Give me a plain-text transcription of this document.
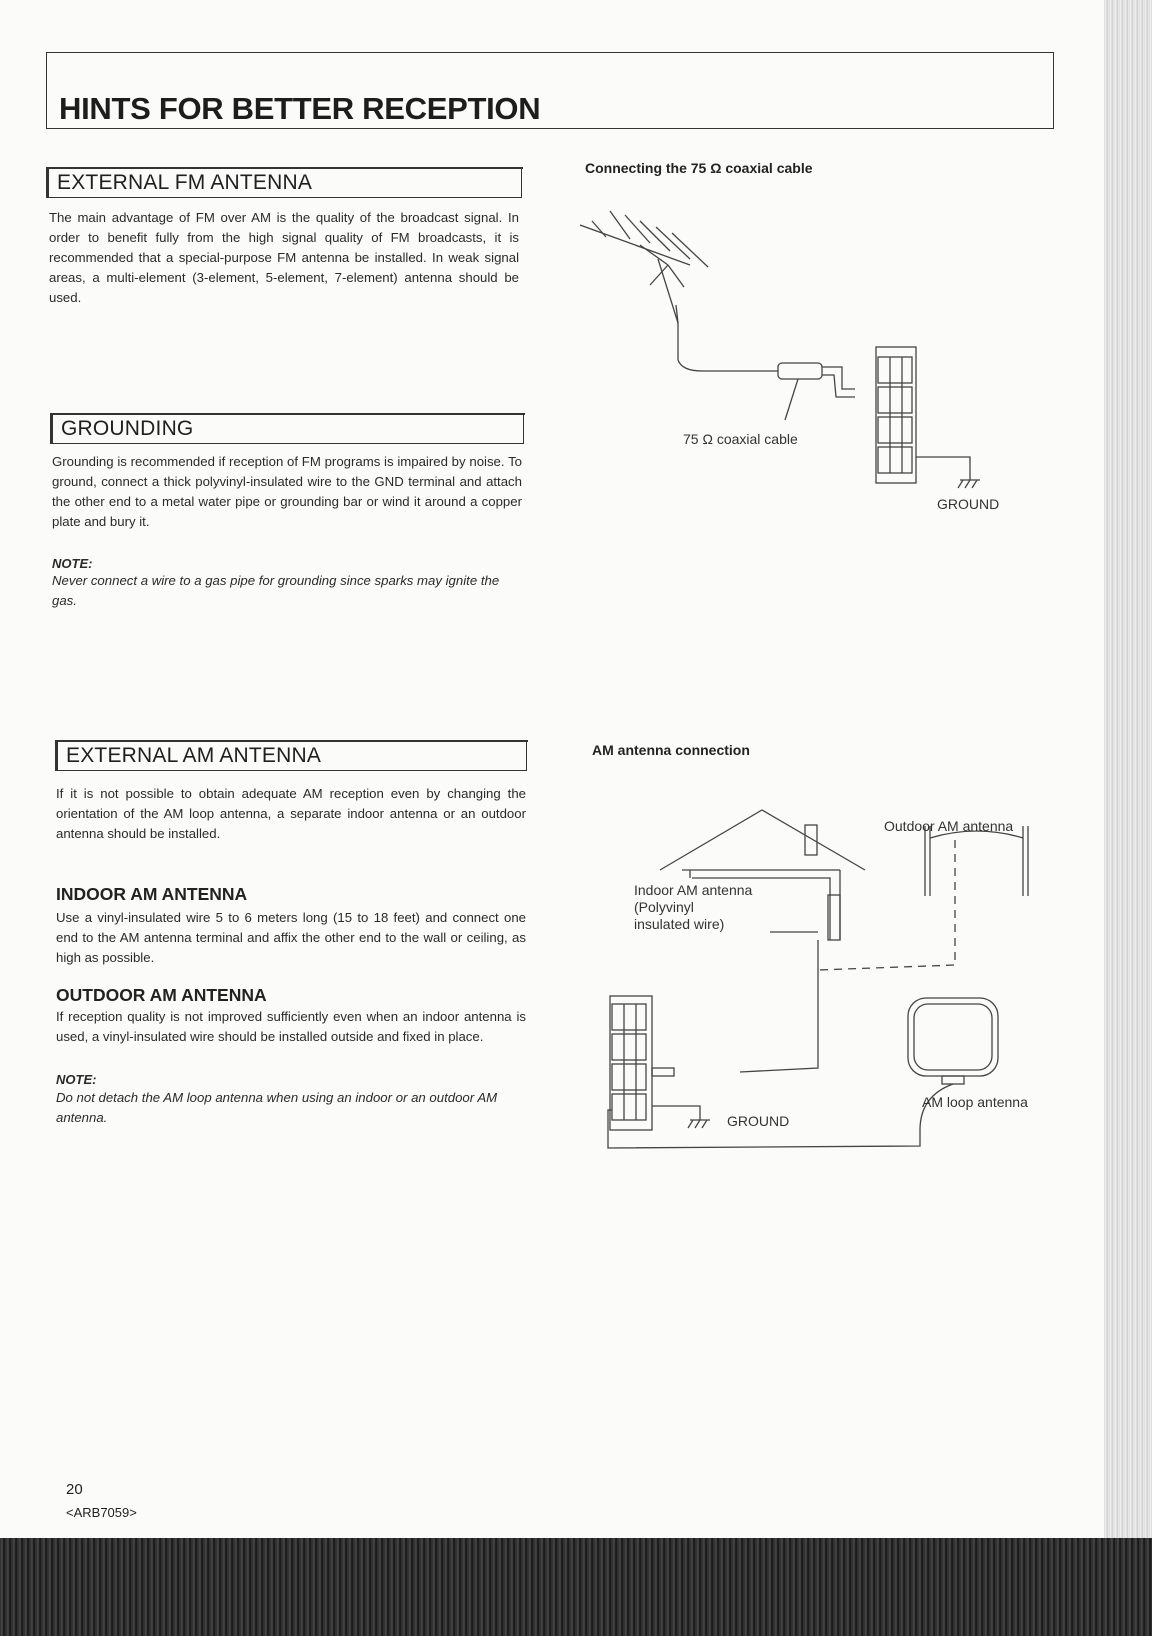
HINTS FOR BETTER RECEPTION
EXTERNAL FM ANTENNA

The main advantage of FM over AM is the quality of the broadcast signal. In order to benefit fully from the high signal quality of FM broadcasts, it is recommended that a special-purpose FM antenna be installed. In weak signal areas, a multi-element (3-element, 5-element, 7-element) antenna should be used.

GROUNDING

Grounding is recommended if reception of FM programs is impaired by noise. To ground, connect a thick polyvinyl-insulated wire to the GND terminal and attach the other end to a metal water pipe or grounding bar or wind it around a copper plate and bury it.

NOTE:

Never connect a wire to a gas pipe for grounding since sparks may ignite the gas.

EXTERNAL AM ANTENNA

If it is not possible to obtain adequate AM reception even by changing the orientation of the AM loop antenna, a separate indoor antenna or an outdoor antenna should be installed.

INDOOR AM ANTENNA

Use a vinyl-insulated wire 5 to 6 meters long (15 to 18 feet) and connect one end to the AM antenna terminal and affix the other end to the wall or ceiling, as high as possible.

OUTDOOR AM ANTENNA

If reception quality is not improved sufficiently even when an indoor antenna is used, a vinyl-insulated wire should be installed outside and fixed in place.

NOTE:

Do not detach the AM loop antenna when using an indoor or an outdoor AM antenna.

Connecting the 75 Ω coaxial cable
75 Ω coaxial cable
GROUND
AM antenna connection
Outdoor AM antenna
Indoor AM antenna
(Polyvinyl
insulated wire)
GROUND
AM loop antenna
20
<ARB7059>
